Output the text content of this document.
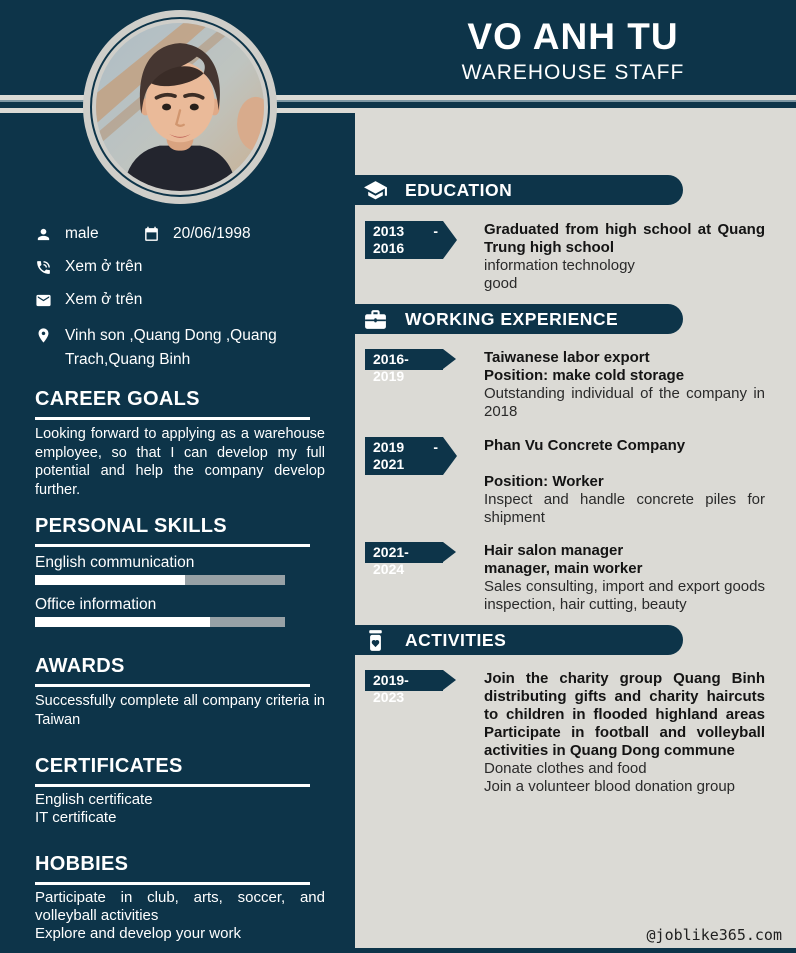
VO ANH TU
WAREHOUSE STAFF
male	20/06/1998
Xem ở trên
Xem ở trên
Vinh son ,Quang Dong ,Quang Trach,Quang Binh
CAREER GOALS
Looking forward to applying as a warehouse employee, so that I can develop my full potential and help the company develop further.
PERSONAL SKILLS
English communication
Office information
AWARDS
Successfully complete all company criteria in Taiwan
CERTIFICATES
English certificate
IT certificate
HOBBIES
Participate in club, arts, soccer, and volleyball activities
Explore and develop your work
EDUCATION
2013 -
2016
Graduated from high school at Quang Trung high school
information technology
good
WORKING EXPERIENCE
2016-2019
Taiwanese labor export
Position: make cold storage
Outstanding individual of the company in 2018
2019 -
2021
Phan Vu Concrete Company
Position: Worker
Inspect and handle concrete piles for shipment
2021-2024
Hair salon manager
manager, main worker
Sales consulting, import and export goods inspection, hair cutting, beauty
ACTIVITIES
2019- 2023
Join the charity group Quang Binh distributing gifts and charity haircuts to children in flooded highland areas Participate in football and volleyball activities in Quang Dong commune
Donate clothes and food
Join a volunteer blood donation group
@joblike365.com
